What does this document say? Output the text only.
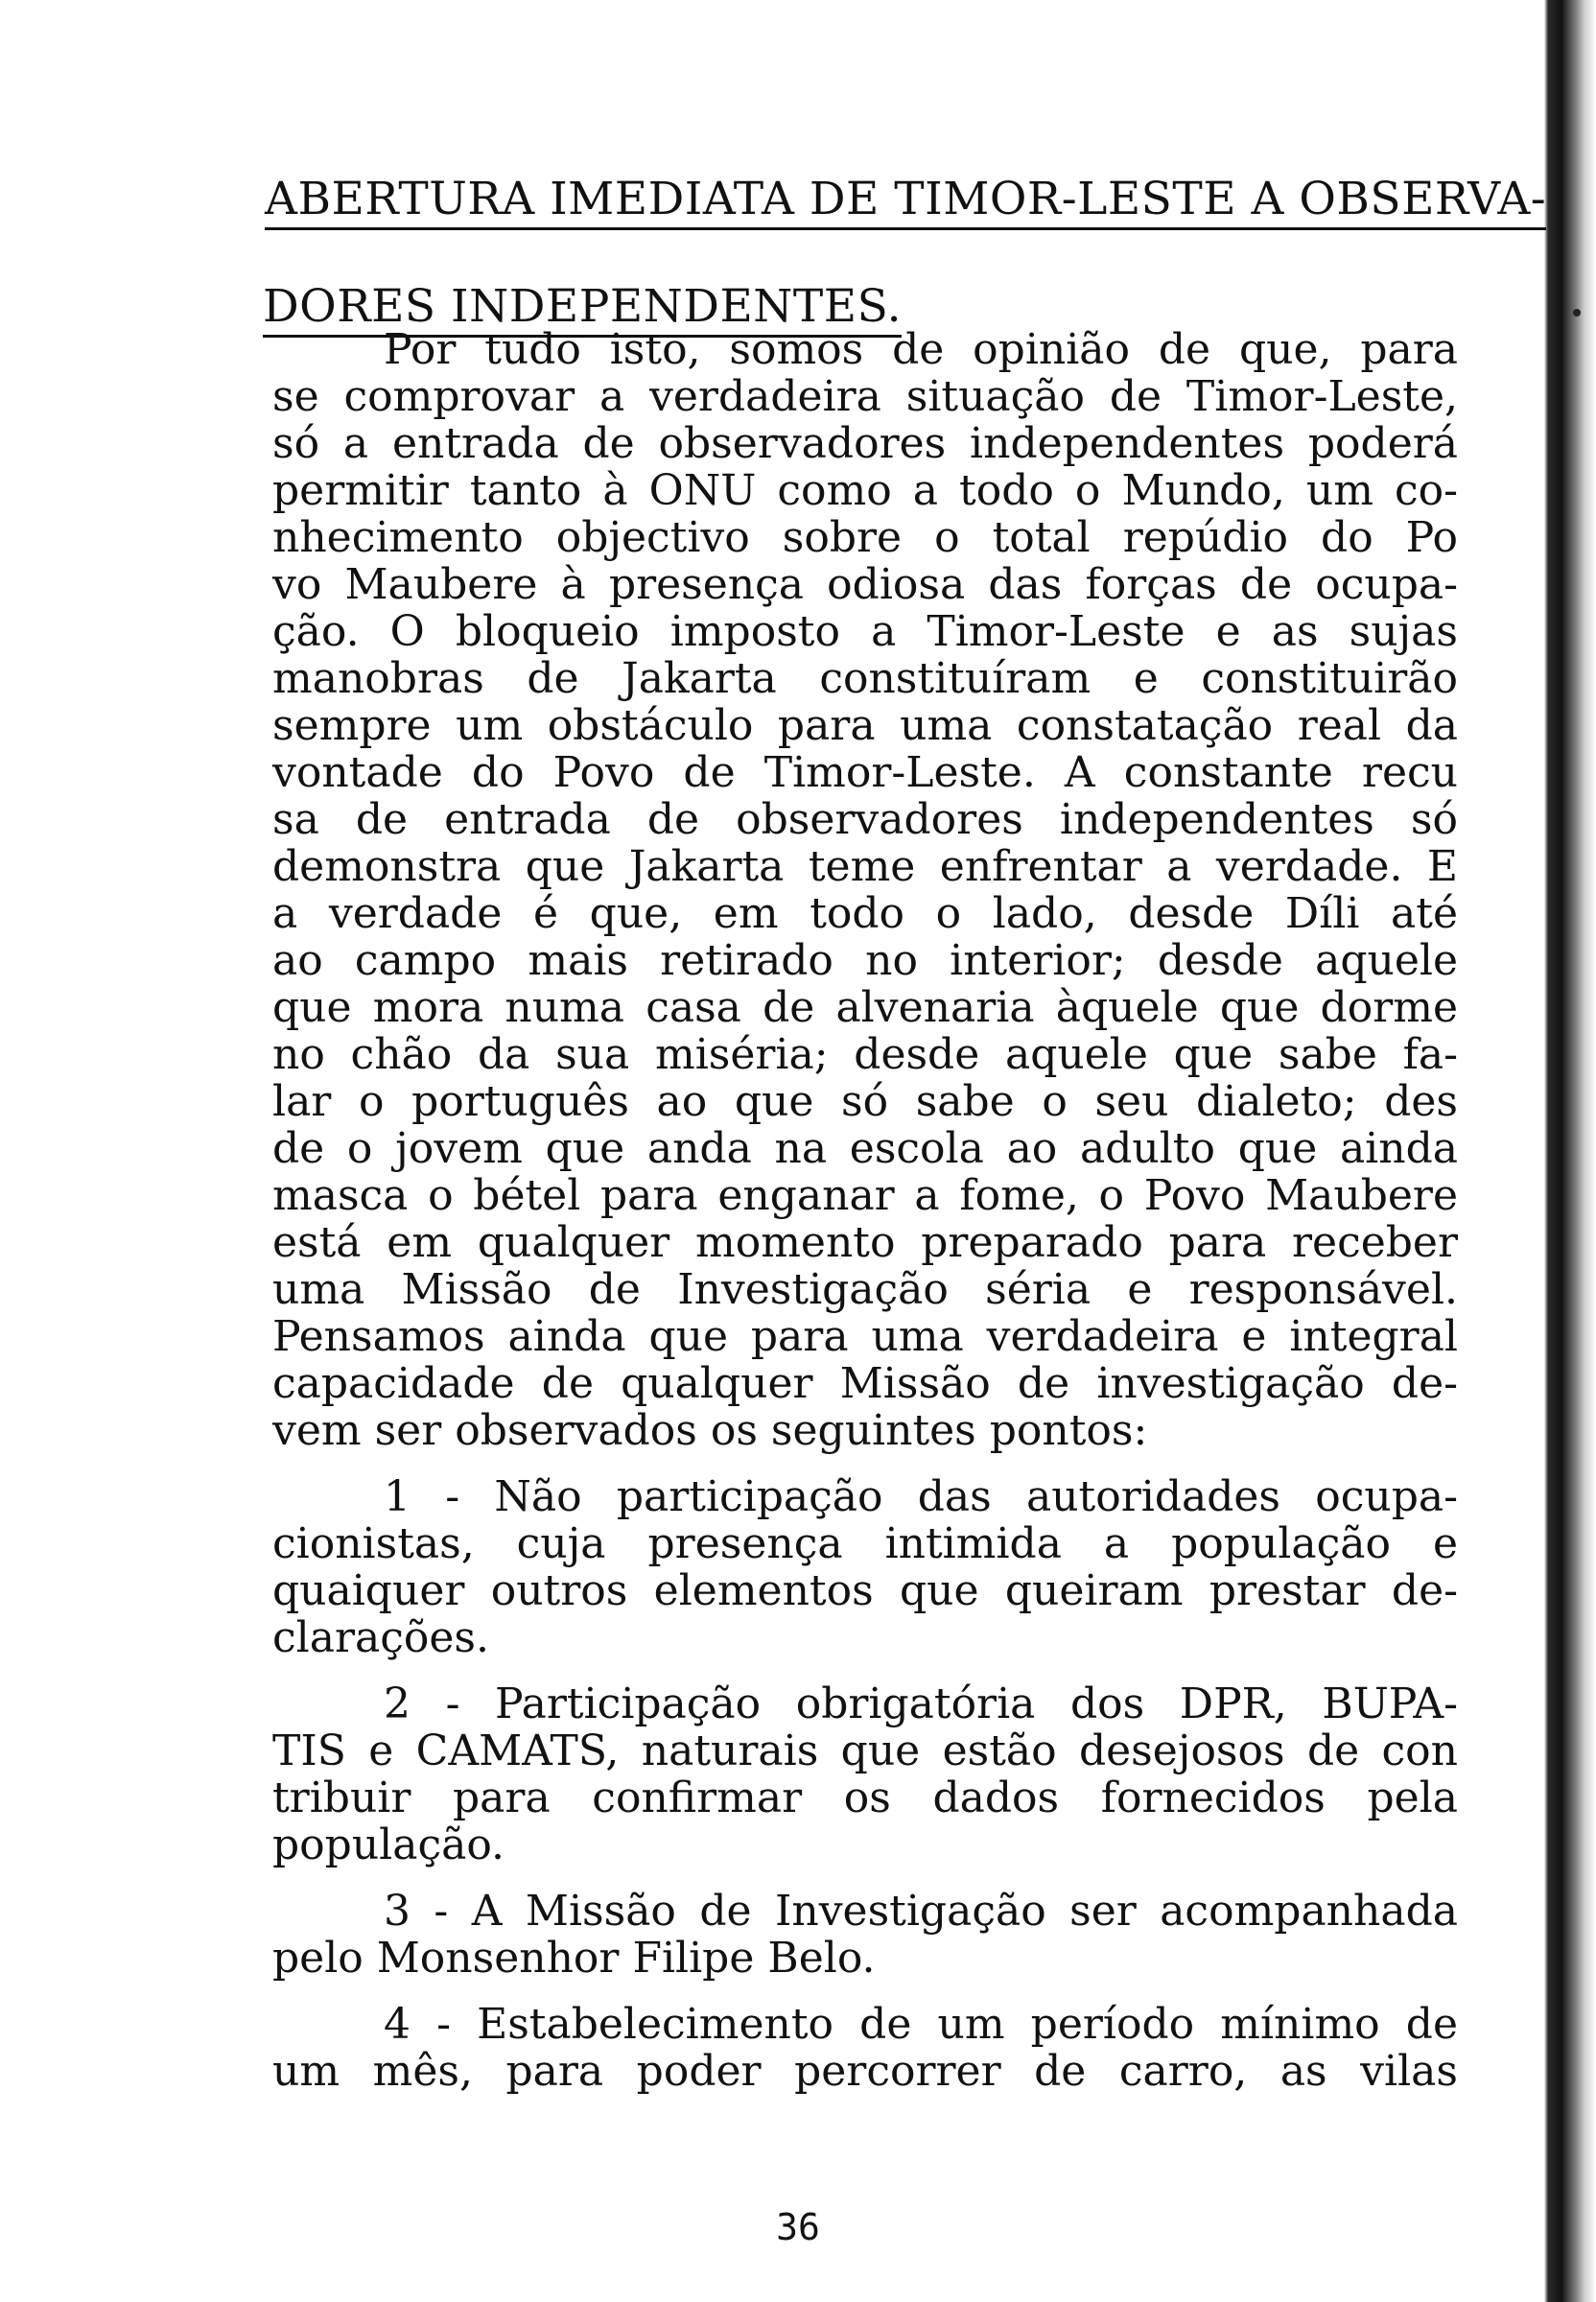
ABERTURA IMEDIATA DE TIMOR-LESTE A OBSERVA-
DORES INDEPENDENTES.
Por tudo isto, somos de opinião de que, para
se comprovar a verdadeira situação de Timor-Leste,
só a entrada de observadores independentes poderá
permitir tanto à ONU como a todo o Mundo, um co-
nhecimento objectivo sobre o total repúdio do Po
vo Maubere à presença odiosa das forças de ocupa-
ção. O bloqueio imposto a Timor-Leste e as sujas
manobras de Jakarta constituíram e constituirão
sempre um obstáculo para uma constatação real da
vontade do Povo de Timor-Leste. A constante recu
sa de entrada de observadores independentes só
demonstra que Jakarta teme enfrentar a verdade. E
a verdade é que, em todo o lado, desde Díli até
ao campo mais retirado no interior; desde aquele
que mora numa casa de alvenaria àquele que dorme
no chão da sua miséria; desde aquele que sabe fa-
lar o português ao que só sabe o seu dialeto; des
de o jovem que anda na escola ao adulto que ainda
masca o bétel para enganar a fome, o Povo Maubere
está em qualquer momento preparado para receber
uma Missão de Investigação séria e responsável.
Pensamos ainda que para uma verdadeira e integral
capacidade de qualquer Missão de investigação de-
vem ser observados os seguintes pontos:
1 - Não participação das autoridades ocupa-
cionistas, cuja presença intimida a população e
quaiquer outros elementos que queiram prestar de-
clarações.
2 - Participação obrigatória dos DPR, BUPA-
TIS e CAMATS, naturais que estão desejosos de con
tribuir para confirmar os dados fornecidos pela
população.
3 - A Missão de Investigação ser acompanhada
pelo Monsenhor Filipe Belo.
4 - Estabelecimento de um período mínimo de
um mês, para poder percorrer de carro, as vilas
36
